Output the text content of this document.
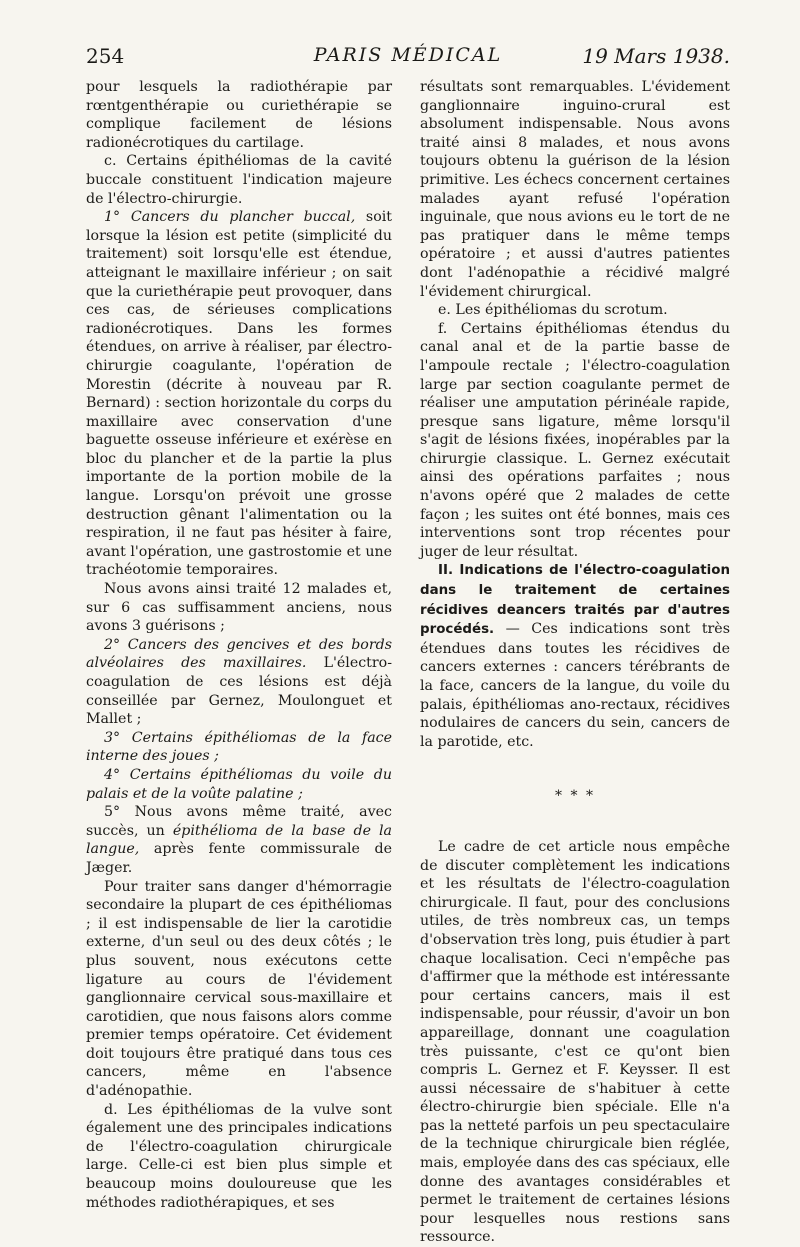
254	PARIS MÉDICAL	19 Mars 1938.

pour lesquels la radiothérapie par rœntgenthérapie ou curiethérapie se complique facilement de lésions radionécrotiques du cartilage.

c. Certains épithéliomas de la cavité buccale constituent l'indication majeure de l'électro-chirurgie.

1° Cancers du plancher buccal, soit lorsque la lésion est petite (simplicité du traitement) soit lorsqu'elle est étendue, atteignant le maxillaire inférieur ; on sait que la curiethérapie peut provoquer, dans ces cas, de sérieuses complications radionécrotiques. Dans les formes étendues, on arrive à réaliser, par électro-chirurgie coagulante, l'opération de Morestin (décrite à nouveau par R. Bernard) : section horizontale du corps du maxillaire avec conservation d'une baguette osseuse inférieure et exérèse en bloc du plancher et de la partie la plus importante de la portion mobile de la langue. Lorsqu'on prévoit une grosse destruction gênant l'alimentation ou la respiration, il ne faut pas hésiter à faire, avant l'opération, une gastrostomie et une trachéotomie temporaires.

Nous avons ainsi traité 12 malades et, sur 6 cas suffisamment anciens, nous avons 3 guérisons ;

2° Cancers des gencives et des bords alvéolaires des maxillaires. L'électro-coagulation de ces lésions est déjà conseillée par Gernez, Moulonguet et Mallet ;

3° Certains épithéliomas de la face interne des joues ;

4° Certains épithéliomas du voile du palais et de la voûte palatine ;

5° Nous avons même traité, avec succès, un épithélioma de la base de la langue, après fente commissurale de Jæger.

Pour traiter sans danger d'hémorragie secondaire la plupart de ces épithéliomas ; il est indispensable de lier la carotidie externe, d'un seul ou des deux côtés ; le plus souvent, nous exécutons cette ligature au cours de l'évidement ganglionnaire cervical sous-maxillaire et carotidien, que nous faisons alors comme premier temps opératoire. Cet évidement doit toujours être pratiqué dans tous ces cancers, même en l'absence d'adénopathie.

d. Les épithéliomas de la vulve sont également une des principales indications de l'électro-coagulation chirurgicale large. Celle-ci est bien plus simple et beaucoup moins douloureuse que les méthodes radiothérapiques, et ses

résultats sont remarquables. L'évidement ganglionnaire inguino-crural est absolument indispensable. Nous avons traité ainsi 8 malades, et nous avons toujours obtenu la guérison de la lésion primitive. Les échecs concernent certaines malades ayant refusé l'opération inguinale, que nous avions eu le tort de ne pas pratiquer dans le même temps opératoire ; et aussi d'autres patientes dont l'adénopathie a récidivé malgré l'évidement chirurgical.

e. Les épithéliomas du scrotum.

f. Certains épithéliomas étendus du canal anal et de la partie basse de l'ampoule rectale ; l'électro-coagulation large par section coagulante permet de réaliser une amputation périnéale rapide, presque sans ligature, même lorsqu'il s'agit de lésions fixées, inopérables par la chirurgie classique. L. Gernez exécutait ainsi des opérations parfaites ; nous n'avons opéré que 2 malades de cette façon ; les suites ont été bonnes, mais ces interventions sont trop récentes pour juger de leur résultat.

II. Indications de l'électro-coagulation dans le traitement de certaines récidives deancers traités par d'autres procédés. — Ces indications sont très étendues dans toutes les récidives de cancers externes : cancers térébrants de la face, cancers de la langue, du voile du palais, épithéliomas ano-rectaux, récidives nodulaires de cancers du sein, cancers de la parotide, etc.

* * *

Le cadre de cet article nous empêche de discuter complètement les indications et les résultats de l'électro-coagulation chirurgicale. Il faut, pour des conclusions utiles, de très nombreux cas, un temps d'observation très long, puis étudier à part chaque localisation. Ceci n'empêche pas d'affirmer que la méthode est intéressante pour certains cancers, mais il est indispensable, pour réussir, d'avoir un bon appareillage, donnant une coagulation très puissante, c'est ce qu'ont bien compris L. Gernez et F. Keysser. Il est aussi nécessaire de s'habituer à cette électro-chirurgie bien spéciale. Elle n'a pas la netteté parfois un peu spectaculaire de la technique chirurgicale bien réglée, mais, employée dans des cas spéciaux, elle donne des avantages considérables et permet le traitement de certaines lésions pour lesquelles nous restions sans ressource.
